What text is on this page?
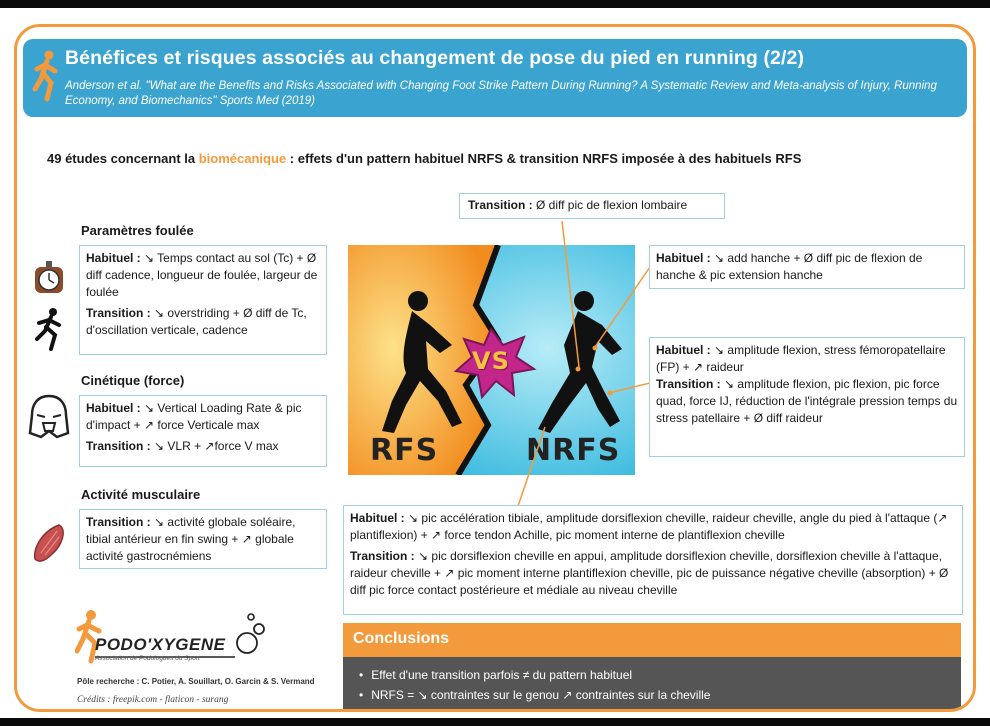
Bénéfices et risques associés au changement de pose du pied en running (2/2)
Anderson et al. "What are the Benefits and Risks Associated with Changing Foot Strike Pattern During Running? A Systematic Review and Meta-analysis of Injury, Running Economy, and Biomechanics" Sports Med (2019)
49 études concernant la biomécanique : effets d'un pattern habituel NRFS & transition NRFS imposée à des habituels RFS
Transition : Ø diff pic de flexion lombaire
Paramètres foulée

Habituel : ↘ Temps contact au sol (Tc) + Ø diff cadence, longueur de foulée, largeur de foulée

Transition : ↘ overstriding + Ø diff de Tc, d'oscillation verticale, cadence

Cinétique (force)

Habituel : ↘ Vertical Loading Rate & pic d'impact + ↗ force Verticale max

Transition : ↘ VLR + ↗force V max

Activité musculaire

Transition : ↘ activité globale soléaire, tibial antérieur en fin swing + ↗ globale activité gastrocnémiens

RFS	NRFS
VS

Habituel : ↘ add hanche + Ø diff pic de flexion de hanche & pic extension hanche

Habituel : ↘ amplitude flexion, stress fémoropatellaire (FP) + ↗ raideur

Transition : ↘ amplitude flexion, pic flexion, pic force quad, force IJ, réduction de l'intégrale pression temps du stress patellaire + Ø diff raideur

Habituel : ↘ pic accélération tibiale, amplitude dorsiflexion cheville, raideur cheville, angle du pied à l'attaque (↗ plantiflexion) + ↗ force tendon Achille, pic moment interne de plantiflexion cheville

Transition : ↘ pic dorsiflexion cheville en appui, amplitude dorsiflexion cheville, dorsiflexion cheville à l'attaque, raideur cheville + ↗ pic moment interne plantiflexion cheville, pic de puissance négative cheville (absorption) + Ø diff pic force contact postérieure et médiale au niveau cheville

Conclusions
• Effet d'une transition parfois ≠ du pattern habituel
• NRFS = ↘ contraintes sur le genou ↗ contraintes sur la cheville
PODO'XYGENE
Association de Podologues du Sport
Pôle recherche : C. Potier, A. Souillart, O. Garcin & S. Vermand
Crédits : freepik.com - flaticon - surang
